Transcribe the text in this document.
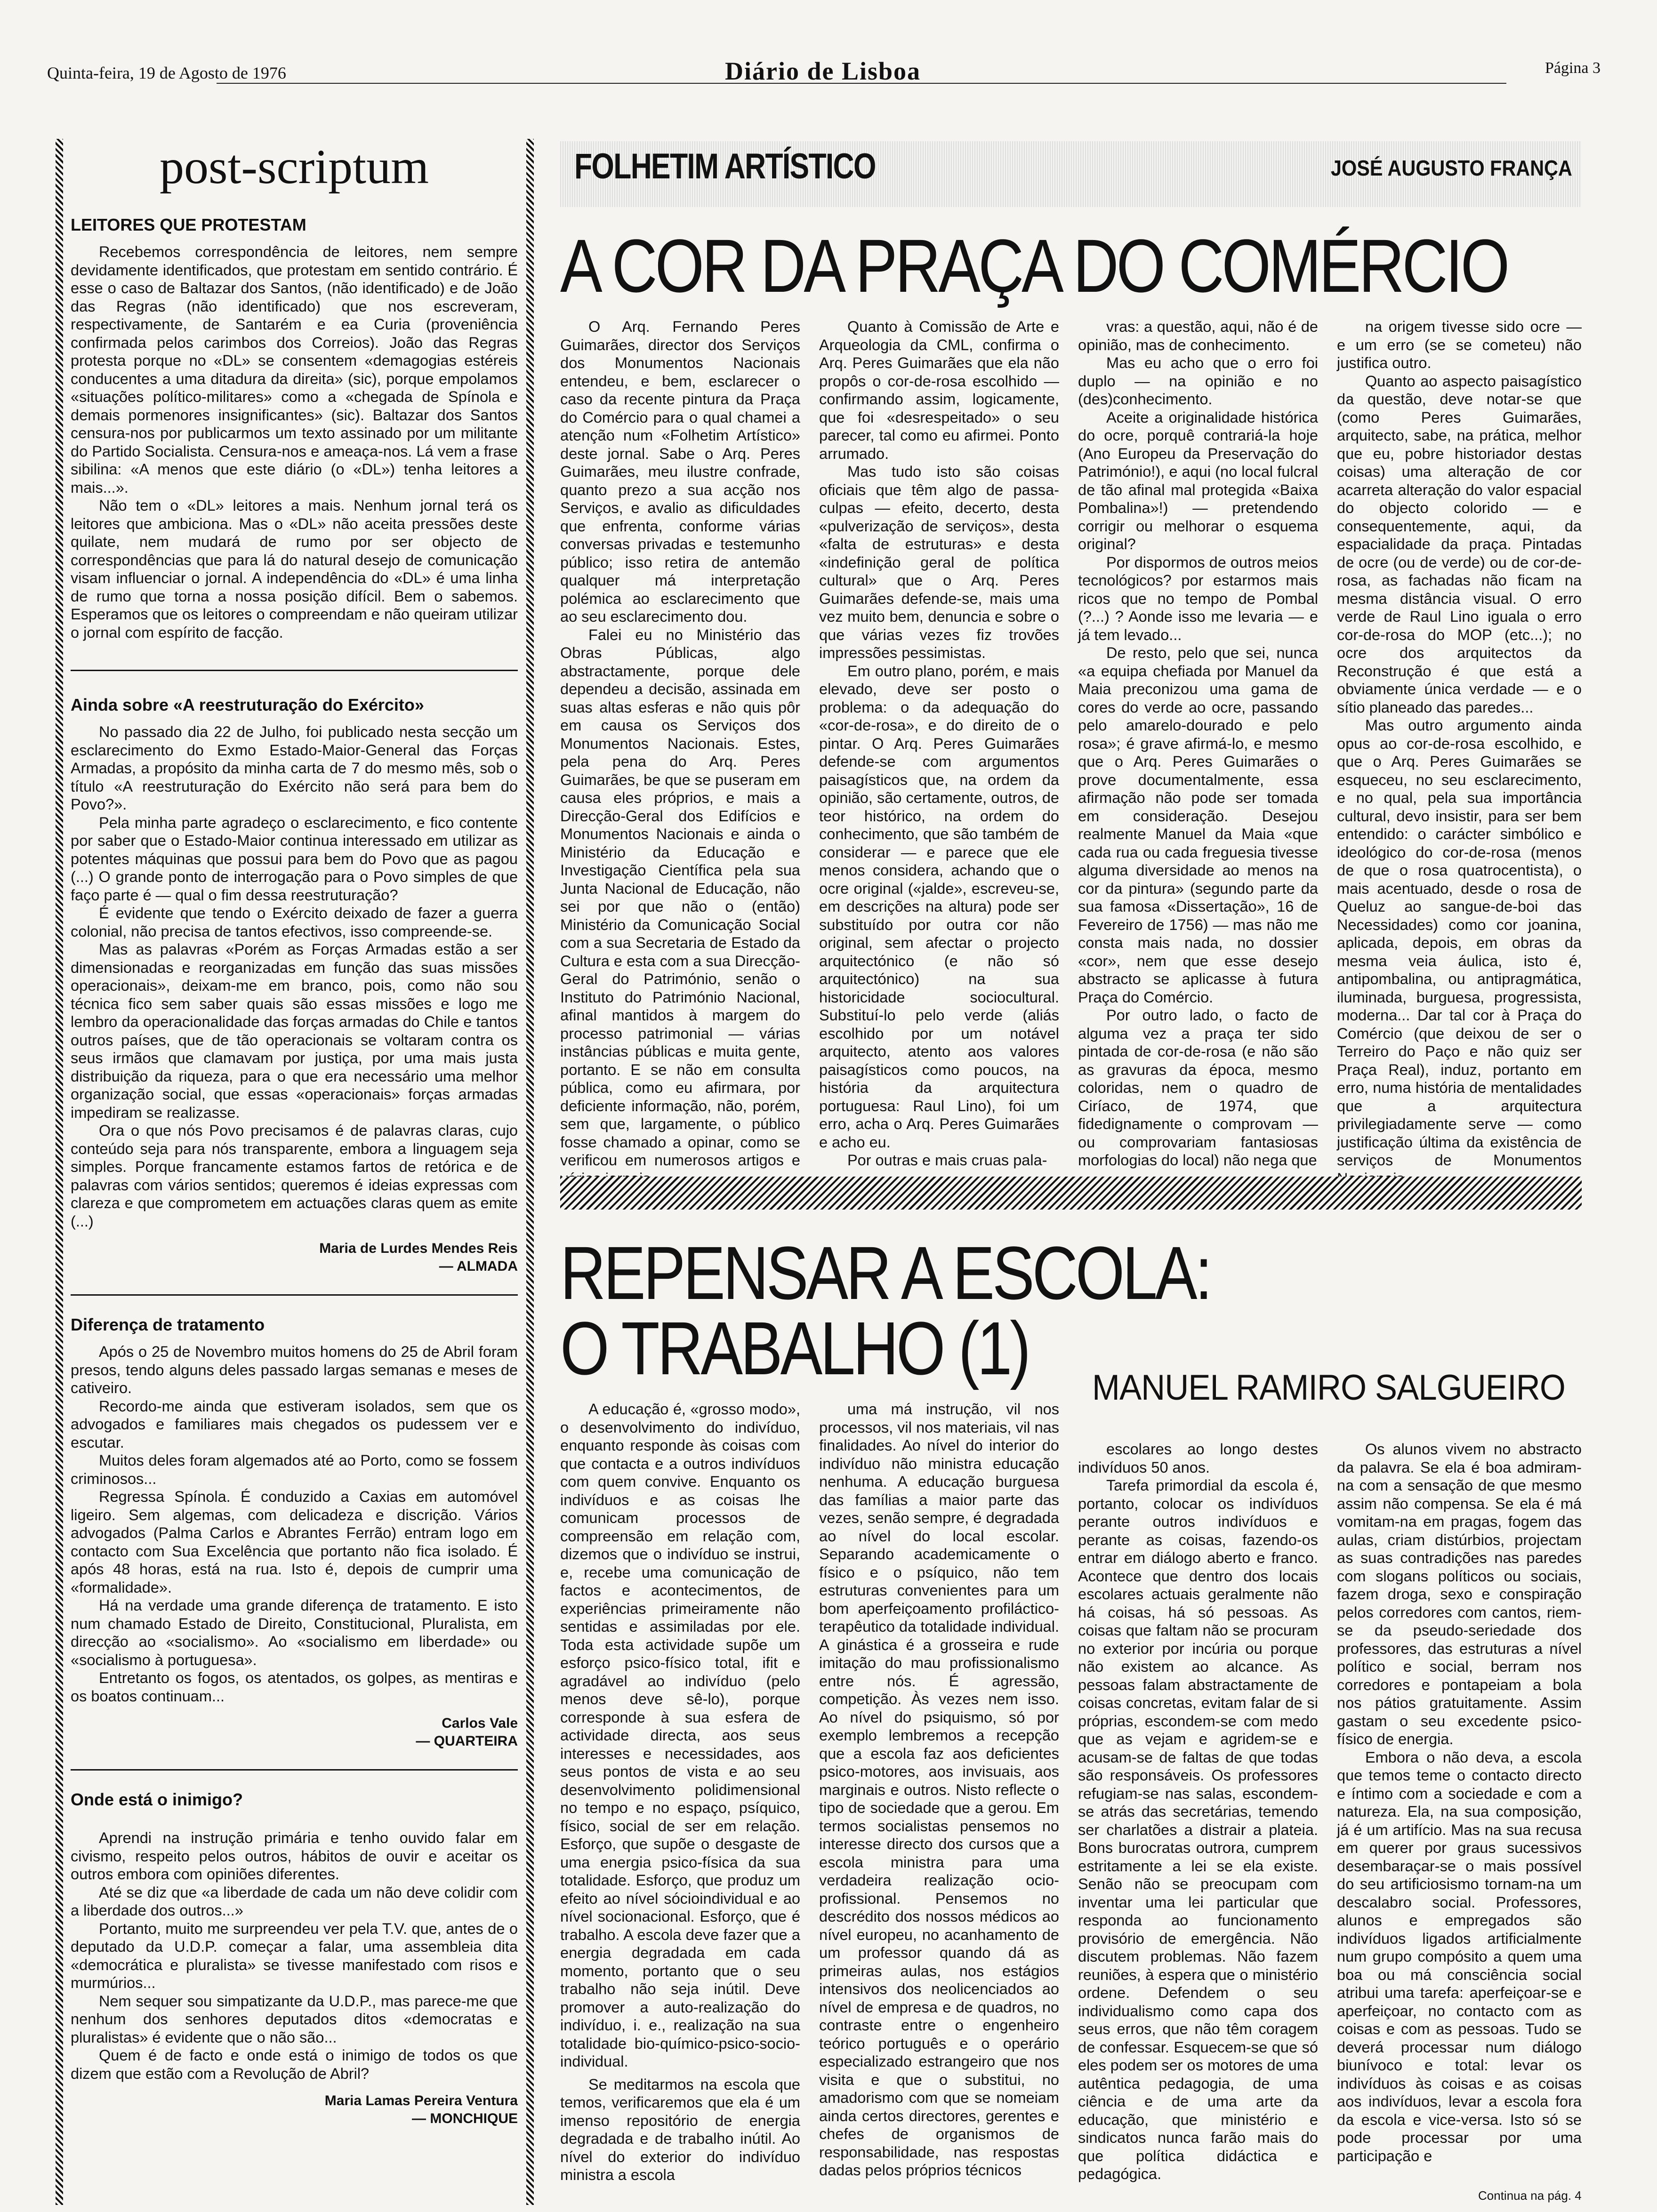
Quinta-feira, 19 de Agosto de 1976	Diário de Lisboa	Página 3
post-scriptum
LEITORES QUE PROTESTAM

Recebemos correspondência de leitores, nem sempre devidamente identificados, que protestam em sentido contrário. É esse o caso de Baltazar dos Santos, (não identificado) e de João das Regras (não identificado) que nos escreveram, respectivamente, de Santarém e ea Curia (proveniência confirmada pelos carimbos dos Correios). João das Regras protesta porque no «DL» se consentem «demagogias estéreis conducentes a uma ditadura da direita» (sic), porque empolamos «situações político-militares» como a «chegada de Spínola e demais pormenores insignificantes» (sic). Baltazar dos Santos censura-nos por publicarmos um texto assinado por um militante do Partido Socialista. Censura-nos e ameaça-nos. Lá vem a frase sibilina: «A menos que este diário (o «DL») tenha leitores a mais...».

Não tem o «DL» leitores a mais. Nenhum jornal terá os leitores que ambiciona. Mas o «DL» não aceita pressões deste quilate, nem mudará de rumo por ser objecto de correspondências que para lá do natural desejo de comunicação visam influenciar o jornal. A independência do «DL» é uma linha de rumo que torna a nossa posição difícil. Bem o sabemos. Esperamos que os leitores o compreendam e não queiram utilizar o jornal com espírito de facção.

Ainda sobre «A reestruturação do Exército»

No passado dia 22 de Julho, foi publicado nesta secção um esclarecimento do Exmo Estado-Maior-General das Forças Armadas, a propósito da minha carta de 7 do mesmo mês, sob o título «A reestruturação do Exército não será para bem do Povo?».

Pela minha parte agradeço o esclarecimento, e fico contente por saber que o Estado-Maior continua interessado em utilizar as potentes máquinas que possui para bem do Povo que as pagou (...) O grande ponto de interrogação para o Povo simples de que faço parte é — qual o fim dessa reestruturação?

É evidente que tendo o Exército deixado de fazer a guerra colonial, não precisa de tantos efectivos, isso compreende-se.

Mas as palavras «Porém as Forças Armadas estão a ser dimensionadas e reorganizadas em função das suas missões operacionais», deixam-me em branco, pois, como não sou técnica fico sem saber quais são essas missões e logo me lembro da operacionalidade das forças armadas do Chile e tantos outros países, que de tão operacionais se voltaram contra os seus irmãos que clamavam por justiça, por uma mais justa distribuição da riqueza, para o que era necessário uma melhor organização social, que essas «operacionais» forças armadas impediram se realizasse.

Ora o que nós Povo precisamos é de palavras claras, cujo conteúdo seja para nós transparente, embora a linguagem seja simples. Porque francamente estamos fartos de retórica e de palavras com vários sentidos; queremos é ideias expressas com clareza e que comprometem em actuações claras quem as emite (...)

Maria de Lurdes Mendes Reis
— ALMADA
Diferença de tratamento

Após o 25 de Novembro muitos homens do 25 de Abril foram presos, tendo alguns deles passado largas semanas e meses de cativeiro.

Recordo-me ainda que estiveram isolados, sem que os advogados e familiares mais chegados os pudessem ver e escutar.

Muitos deles foram algemados até ao Porto, como se fossem criminosos...

Regressa Spínola. É conduzido a Caxias em automóvel ligeiro. Sem algemas, com delicadeza e discrição. Vários advogados (Palma Carlos e Abrantes Ferrão) entram logo em contacto com Sua Excelência que portanto não fica isolado. É após 48 horas, está na rua. Isto é, depois de cumprir uma «formalidade».

Há na verdade uma grande diferença de tratamento. E isto num chamado Estado de Direito, Constitucional, Pluralista, em direcção ao «socialismo». Ao «socialismo em liberdade» ou «socialismo à portuguesa».

Entretanto os fogos, os atentados, os golpes, as mentiras e os boatos continuam...

Carlos Vale
— QUARTEIRA
Onde está o inimigo?

Aprendi na instrução primária e tenho ouvido falar em civismo, respeito pelos outros, hábitos de ouvir e aceitar os outros embora com opiniões diferentes.

Até se diz que «a liberdade de cada um não deve colidir com a liberdade dos outros...»

Portanto, muito me surpreendeu ver pela T.V. que, antes de o deputado da U.D.P. começar a falar, uma assembleia dita «democrática e pluralista» se tivesse manifestado com risos e murmúrios...

Nem sequer sou simpatizante da U.D.P., mas parece-me que nenhum dos senhores deputados ditos «democratas e pluralistas» é evidente que o não são...

Quem é de facto e onde está o inimigo de todos os que dizem que estão com a Revolução de Abril?

Maria Lamas Pereira Ventura
— MONCHIQUE
FOLHETIM ARTÍSTICO	JOSÉ AUGUSTO FRANÇA
A COR DA PRAÇA DO COMÉRCIO

O Arq. Fernando Peres Guimarães, director dos Serviços dos Monumentos Nacionais entendeu, e bem, esclarecer o caso da recente pintura da Praça do Comércio para o qual chamei a atenção num «Folhetim Artístico» deste jornal. Sabe o Arq. Peres Guimarães, meu ilustre confrade, quanto prezo a sua acção nos Serviços, e avalio as dificuldades que enfrenta, conforme várias conversas privadas e testemunho público; isso retira de antemão qualquer má interpretação polémica ao esclarecimento que ao seu esclarecimento dou.

Falei eu no Ministério das Obras Públicas, algo abstractamente, porque dele dependeu a decisão, assinada em suas altas esferas e não quis pôr em causa os Serviços dos Monumentos Nacionais. Estes, pela pena do Arq. Peres Guimarães, be que se puseram em causa eles próprios, e mais a Direcção-Geral dos Edifícios e Monumentos Nacionais e ainda o Ministério da Educação e Investigação Científica pela sua Junta Nacional de Educação, não sei por que não o (então) Ministério da Comunicação Social com a sua Secretaria de Estado da Cultura e esta com a sua Direcção-Geral do Património, senão o Instituto do Património Nacional, afinal mantidos à margem do processo patrimonial — várias instâncias públicas e muita gente, portanto. E se não em consulta pública, como eu afirmara, por deficiente informação, não, porém, sem que, largamente, o público fosse chamado a opinar, como se verificou em numerosos artigos e

Quanto à Comissão de Arte e Arqueologia da CML, confirma o Arq. Peres Guimarães que ela não propôs o cor-de-rosa escolhido — confirmando assim, logicamente, que foi «desrespeitado» o seu parecer, tal como eu afirmei. Ponto arrumado.

Mas tudo isto são coisas oficiais que têm algo de passa-culpas — efeito, decerto, desta «pulverização de serviços», desta «falta de estruturas» e desta «indefinição geral de política cultural» que o Arq. Peres Guimarães defende-se, mais uma vez muito bem, denuncia e sobre o que várias vezes fiz trovões impressões pessimistas.

Em outro plano, porém, e mais elevado, deve ser posto o problema: o da adequação do «cor-de-rosa», e do direito de o pintar. O Arq. Peres Guimarães defende-se com argumentos paisagísticos que, na ordem da opinião, são certamente, outros, de teor histórico, na ordem do conhecimento, que são também de considerar — e parece que ele menos considera, achando que o ocre original («jalde», escreveu-se, em descrições na altura) pode ser substituído por outra cor não original, sem afectar o projecto arquitectónico (e não só arquitectónico) na sua historicidade sociocultural. Substituí-lo pelo verde (aliás escolhido por um notável arquitecto, atento aos valores paisagísticos como poucos, na história da arquitectura portuguesa: Raul Lino), foi um erro, acha o Arq. Peres Guimarães e acho eu.

Por outras e mais cruas pala-

vras: a questão, aqui, não é de opinião, mas de conhecimento.

Mas eu acho que o erro foi duplo — na opinião e no (des)conhecimento.

Aceite a originalidade histórica do ocre, porquê contrariá-la hoje (Ano Europeu da Preservação do Património!), e aqui (no local fulcral de tão afinal mal protegida «Baixa Pombalina»!) — pretendendo corrigir ou melhorar o esquema original?

Por dispormos de outros meios tecnológicos? por estarmos mais ricos que no tempo de Pombal (?...) ? Aonde isso me levaria — e já tem levado...

De resto, pelo que sei, nunca «a equipa chefiada por Manuel da Maia preconizou uma gama de cores do verde ao ocre, passando pelo amarelo-dourado e pelo rosa»; é grave afirmá-lo, e mesmo que o Arq. Peres Guimarães o prove documentalmente, essa afirmação não pode ser tomada em consideração. Desejou realmente Manuel da Maia «que cada rua ou cada freguesia tivesse alguma diversidade ao menos na cor da pintura» (segundo parte da sua famosa «Dissertação», 16 de Fevereiro de 1756) — mas não me consta mais nada, no dossier «cor», nem que esse desejo abstracto se aplicasse à futura Praça do Comércio.

Por outro lado, o facto de alguma vez a praça ter sido pintada de cor-de-rosa (e não são as gravuras da época, mesmo coloridas, nem o quadro de Ciríaco, de 1974, que fidedignamente o comprovam — ou comprovariam fantasiosas morfologias do local) não nega que

na origem tivesse sido ocre — e um erro (se se cometeu) não justifica outro.

Quanto ao aspecto paisagístico da questão, deve notar-se que (como Peres Guimarães, arquitecto, sabe, na prática, melhor que eu, pobre historiador destas coisas) uma alteração de cor acarreta alteração do valor espacial do objecto colorido — e consequentemente, aqui, da espacialidade da praça. Pintadas de ocre (ou de verde) ou de cor-de-rosa, as fachadas não ficam na mesma distância visual. O erro verde de Raul Lino iguala o erro cor-de-rosa do MOP (etc...); no ocre dos arquitectos da Reconstrução é que está a obviamente única verdade — e o sítio planeado das paredes...

Mas outro argumento ainda opus ao cor-de-rosa escolhido, e que o Arq. Peres Guimarães se esqueceu, no seu esclarecimento, e no qual, pela sua importância cultural, devo insistir, para ser bem entendido: o carácter simbólico e ideológico do cor-de-rosa (menos de que o rosa quatrocentista), o mais acentuado, desde o rosa de Queluz ao sangue-de-boi das Necessidades) como cor joanina, aplicada, depois, em obras da mesma veia áulica, isto é, antipombalina, ou antipragmática, iluminada, burguesa, progressista, moderna... Dar tal cor à Praça do Comércio (que deixou de ser o Terreiro do Paço e não quiz ser Praça Real), induz, portanto em erro, numa história de mentalidades que a arquitectura privilegiadamente serve — como justificação última da existência de serviços de Monumentos

REPENSAR A ESCOLA:
O TRABALHO (1) MANUEL RAMIRO SALGUEIRO

A educação é, «grosso modo», o desenvolvimento do indivíduo, enquanto responde às coisas com que contacta e a outros indivíduos com quem convive. Enquanto os indivíduos e as coisas lhe comunicam processos de compreensão em relação com, dizemos que o indivíduo se instrui, e, recebe uma comunicação de factos e acontecimentos, de experiências primeiramente não sentidas e assimiladas por ele. Toda esta actividade supõe um esforço psico-físico total, ifit e agradável ao indivíduo (pelo menos deve sê-lo), porque corresponde à sua esfera de actividade directa, aos seus interesses e necessidades, aos seus pontos de vista e ao seu desenvolvimento polidimensional no tempo e no espaço, psíquico, físico, social de ser em relação. Esforço, que supõe o desgaste de uma energia psico-física da sua totalidade. Esforço, que produz um efeito ao nível sócioindividual e ao nível socionacional. Esforço, que é trabalho. A escola deve fazer que a energia degradada em cada momento, portanto que o seu trabalho não seja inútil. Deve promover a auto-realização do indivíduo, i. e., realização na sua totalidade bio-químico-psico-socio-individual.

Se meditarmos na escola que temos, verificaremos que ela é um imenso repositório de energia degradada e de trabalho inútil. Ao nível do exterior do indivíduo ministra a escola

uma má instrução, vil nos processos, vil nos materiais, vil nas finalidades. Ao nível do interior do indivíduo não ministra educação nenhuma. A educação burguesa das famílias a maior parte das vezes, senão sempre, é degradada ao nível do local escolar. Separando academicamente o físico e o psíquico, não tem estruturas convenientes para um bom aperfeiçoamento profiláctico-terapêutico da totalidade individual. A ginástica é a grosseira e rude imitação do mau profissionalismo entre nós. É agressão, competição. Às vezes nem isso. Ao nível do psiquismo, só por exemplo lembremos a recepção que a escola faz aos deficientes psico-motores, aos invisuais, aos marginais e outros. Nisto reflecte o tipo de sociedade que a gerou. Em termos socialistas pensemos no interesse directo dos cursos que a escola ministra para uma verdadeira realização ocio-profissional. Pensemos no descrédito dos nossos médicos ao nível europeu, no acanhamento de um professor quando dá as primeiras aulas, nos estágios intensivos dos neolicenciados ao nível de empresa e de quadros, no contraste entre o engenheiro teórico português e o operário especializado estrangeiro que nos visita e que o substitui, no amadorismo com que se nomeiam ainda certos directores, gerentes e chefes de organismos de responsabilidade, nas respostas dadas pelos próprios técnicos

escolares ao longo destes indivíduos 50 anos.

Tarefa primordial da escola é, portanto, colocar os indivíduos perante outros indivíduos e perante as coisas, fazendo-os entrar em diálogo aberto e franco. Acontece que dentro dos locais escolares actuais geralmente não há coisas, há só pessoas. As coisas que faltam não se procuram no exterior por incúria ou porque não existem ao alcance. As pessoas falam abstractamente de coisas concretas, evitam falar de si próprias, escondem-se com medo que as vejam e agridem-se e acusam-se de faltas de que todas são responsáveis. Os professores refugiam-se nas salas, escondem-se atrás das secretárias, temendo ser charlatões a distrair a plateia. Bons burocratas outrora, cumprem estritamente a lei se ela existe. Senão não se preocupam com inventar uma lei particular que responda ao funcionamento provisório de emergência. Não discutem problemas. Não fazem reuniões, à espera que o ministério ordene. Defendem o seu individualismo como capa dos seus erros, que não têm coragem de confessar. Esquecem-se que só eles podem ser os motores de uma autêntica pedagogia, de uma ciência e de uma arte da educação, que ministério e sindicatos nunca farão mais do que política didáctica e pedagógica.

Os alunos vivem no abstracto da palavra. Se ela é boa admiram-na com a sensação de que mesmo assim não compensa. Se ela é má vomitam-na em pragas, fogem das aulas, criam distúrbios, projectam as suas contradições nas paredes com slogans políticos ou sociais, fazem droga, sexo e conspiração pelos corredores com cantos, riem-se da pseudo-seriedade dos professores, das estruturas a nível político e social, berram nos corredores e pontapeiam a bola nos pátios gratuitamente. Assim gastam o seu excedente psico-físico de energia.

Embora o não deva, a escola que temos teme o contacto directo e íntimo com a sociedade e com a natureza. Ela, na sua composição, já é um artifício. Mas na sua recusa em querer por graus sucessivos desembaraçar-se o mais possível do seu artificiosismo tornam-na um descalabro social. Professores, alunos e empregados são indivíduos ligados artificialmente num grupo compósito a quem uma boa ou má consciência social atribui uma tarefa: aperfeiçoar-se e aperfeiçoar, no contacto com as coisas e com as pessoas. Tudo se deverá processar num diálogo biunívoco e total: levar os indivíduos às coisas e as coisas aos indivíduos, levar a escola fora da escola e vice-versa. Isto só se pode processar por uma participação e

Continua na pág. 4
